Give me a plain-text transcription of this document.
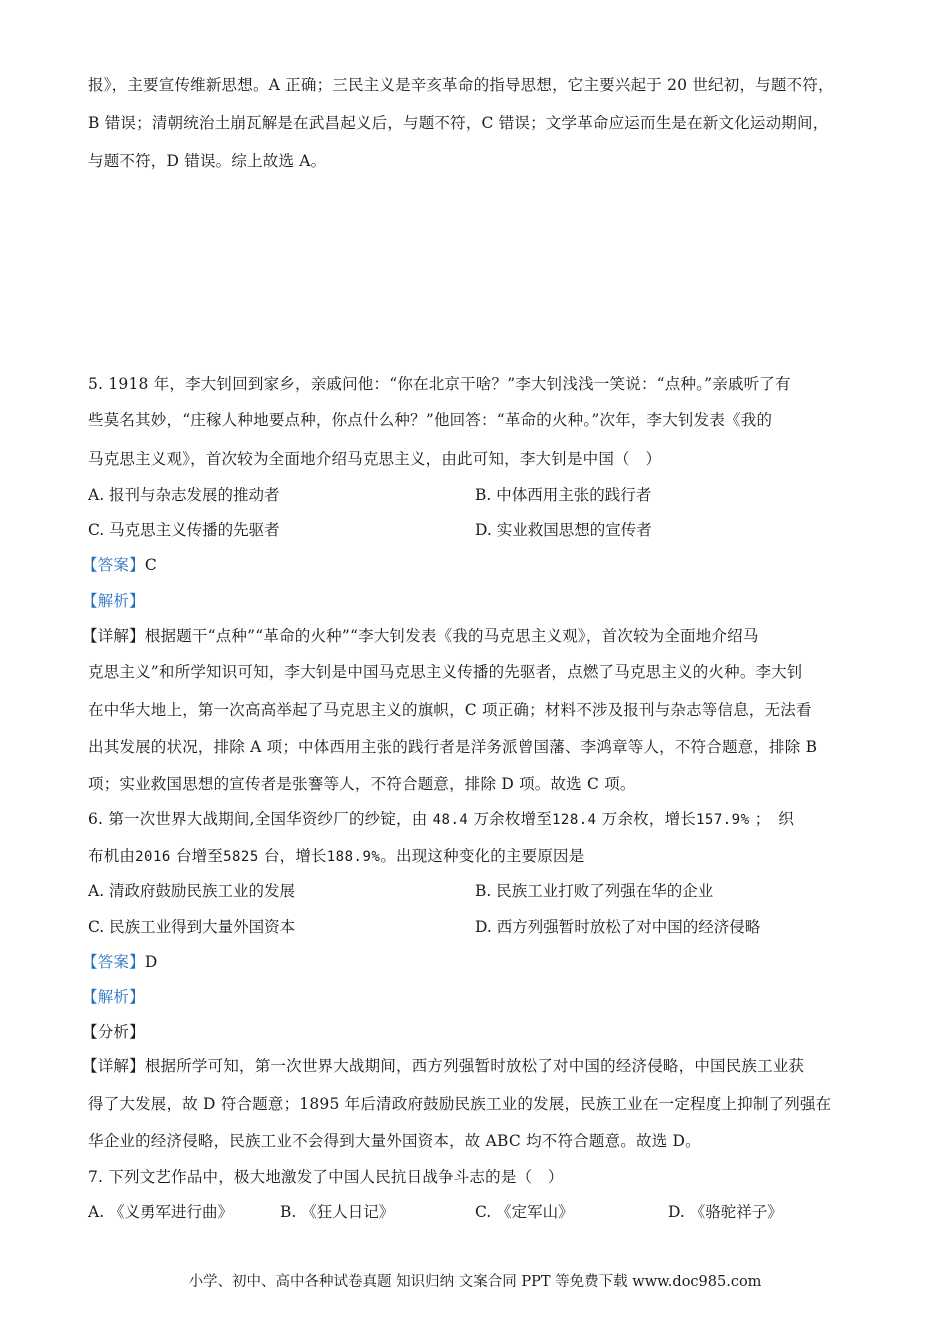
报》，主要宣传维新思想。A 正确；三民主义是辛亥革命的指导思想，它主要兴起于 20 世纪初，与题不符，
B 错误；清朝统治土崩瓦解是在武昌起义后，与题不符，C 错误；文学革命应运而生是在新文化运动期间，
与题不符，D 错误。综上故选 A。
5. 1918 年，李大钊回到家乡，亲戚问他：“你在北京干啥？”李大钊浅浅一笑说：“点种。”亲戚听了有
些莫名其妙，“庄稼人种地要点种，你点什么种？”他回答：“革命的火种。”次年，李大钊发表《我的
马克思主义观》，首次较为全面地介绍马克思主义，由此可知，李大钊是中国（　）
A. 报刊与杂志发展的推动者	B. 中体西用主张的践行者
C. 马克思主义传播的先驱者	D. 实业救国思想的宣传者
【答案】C
【解析】
【详解】根据题干“点种”“革命的火种”“李大钊发表《我的马克思主义观》，首次较为全面地介绍马
克思主义”和所学知识可知，李大钊是中国马克思主义传播的先驱者，点燃了马克思主义的火种。李大钊
在中华大地上，第一次高高举起了马克思主义的旗帜，C 项正确；材料不涉及报刊与杂志等信息，无法看
出其发展的状况，排除 A 项；中体西用主张的践行者是洋务派曾国藩、李鸿章等人，不符合题意，排除 B
项；实业救国思想的宣传者是张謇等人，不符合题意，排除 D 项。故选 C 项。
6. 第一次世界大战期间,全国华资纱厂的纱锭，由 48.4 万余枚增至128.4 万余枚，增长157.9% ；　织
布机由2016 台增至5825 台，增长188.9%。出现这种变化的主要原因是
A. 清政府鼓励民族工业的发展	B. 民族工业打败了列强在华的企业
C. 民族工业得到大量外国资本	D. 西方列强暂时放松了对中国的经济侵略
【答案】D
【解析】
【分析】
【详解】根据所学可知，第一次世界大战期间，西方列强暂时放松了对中国的经济侵略，中国民族工业获
得了大发展，故 D 符合题意；1895 年后清政府鼓励民族工业的发展，民族工业在一定程度上抑制了列强在
华企业的经济侵略，民族工业不会得到大量外国资本，故 ABC 均不符合题意。故选 D。
7. 下列文艺作品中，极大地激发了中国人民抗日战争斗志的是（　）
A. 《义勇军进行曲》	B. 《狂人日记》	C. 《定军山》	D. 《骆驼祥子》
小学、初中、高中各种试卷真题 知识归纳 文案合同 PPT 等免费下载 www.doc985.com
